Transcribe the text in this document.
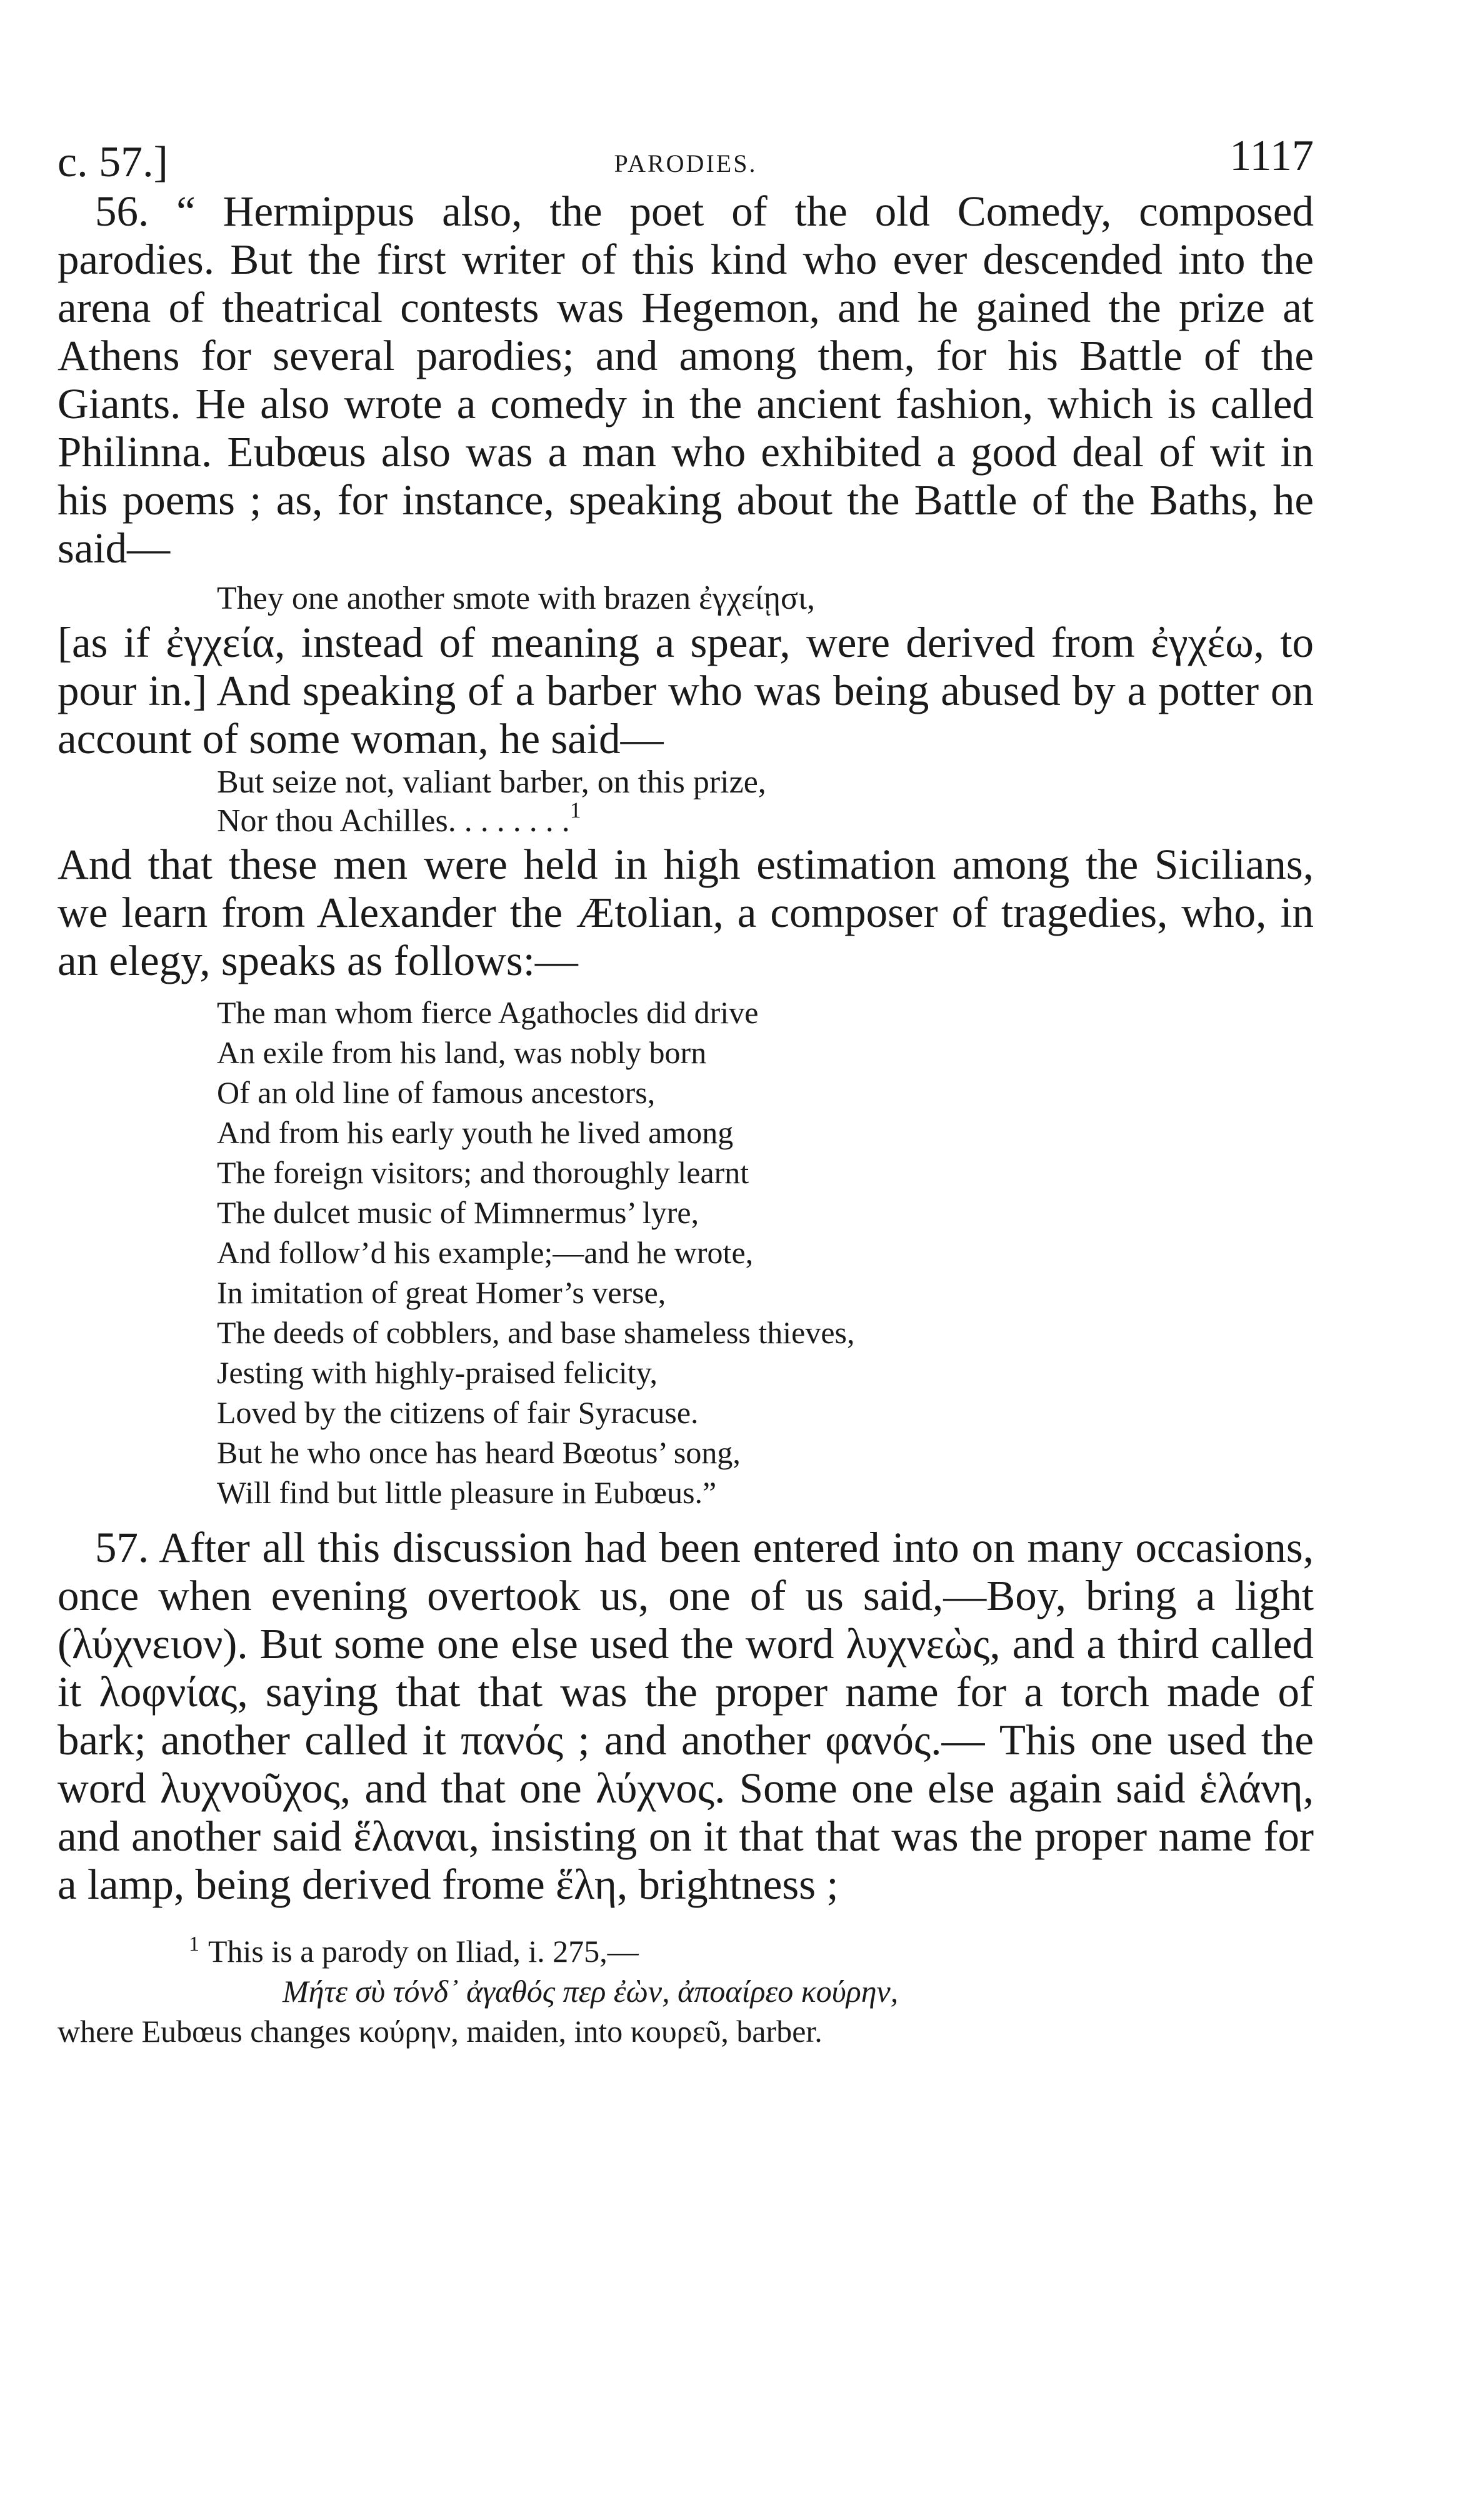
c. 57.]	PARODIES.	1117

56. “ Hermippus also, the poet of the old Comedy, composed parodies. But the first writer of this kind who ever descended into the arena of theatrical contests was Hegemon, and he gained the prize at Athens for several parodies; and among them, for his Battle of the Giants. He also wrote a comedy in the ancient fashion, which is called Philinna. Eubœus also was a man who exhibited a good deal of wit in his poems ; as, for instance, speaking about the Battle of the Baths, he said—

They one another smote with brazen ἐγχείῃσι,

[as if ἐγχεία, instead of meaning a spear, were derived from ἐγχέω, to pour in.] And speaking of a barber who was being abused by a potter on account of some woman, he said—

But seize not, valiant barber, on this prize,

Nor thou Achilles. . . . . . . .$^1$

And that these men were held in high estimation among the Sicilians, we learn from Alexander the Ætolian, a composer of tragedies, who, in an elegy, speaks as follows:—

The man whom fierce Agathocles did drive

An exile from his land, was nobly born

Of an old line of famous ancestors,

And from his early youth he lived among

The foreign visitors; and thoroughly learnt

The dulcet music of Mimnermus’ lyre,

And follow’d his example;—and he wrote,

In imitation of great Homer’s verse,

The deeds of cobblers, and base shameless thieves,

Jesting with highly-praised felicity,

Loved by the citizens of fair Syracuse.

But he who once has heard Bœotus’ song,

Will find but little pleasure in Eubœus.”

57. After all this discussion had been entered into on many occasions, once when evening overtook us, one of us said,—Boy, bring a light (λύχνειον). But some one else used the word λυχνεὼς, and a third called it λοφνίας, saying that that was the proper name for a torch made of bark; another called it πανός ; and another φανός.— This one used the word λυχνοῦχος, and that one λύχνος. Some one else again said ἑλάνη, and another said ἕλαναι, insisting on it that that was the proper name for a lamp, being derived frome ἕλη, brightness ;

$^1$ This is a parody on Iliad, i. 275,—

Μήτε σὺ τόνδ᾽ ἀγαθός περ ἐὼν, ἀποαίρεο κούρην,

where Eubœus changes κούρην, maiden, into κουρεῦ, barber.
